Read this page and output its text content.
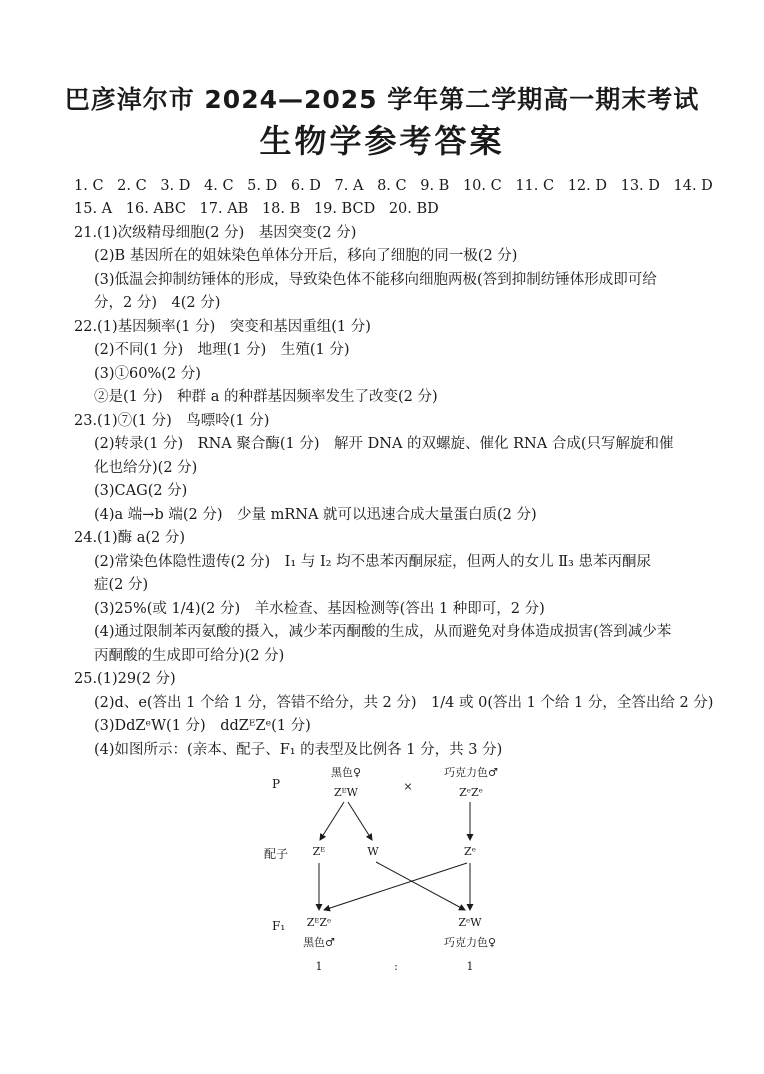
巴彦淖尔市 2024—2025 学年第二学期高一期末考试
生物学参考答案
1. C 2. C 3. D 4. C 5. D 6. D 7. A 8. C 9. B 10. C 11. C 12. D 13. D 14. D
15. A 16. ABC 17. AB 18. B 19. BCD 20. BD
21.(1)次级精母细胞(2 分)　基因突变(2 分)
(2)B 基因所在的姐妹染色单体分开后，移向了细胞的同一极(2 分)
(3)低温会抑制纺锤体的形成，导致染色体不能移向细胞两极(答到抑制纺锤体形成即可给
分，2 分)　4(2 分)
22.(1)基因频率(1 分)　突变和基因重组(1 分)
(2)不同(1 分)　地理(1 分)　生殖(1 分)
(3)①60%(2 分)
②是(1 分)　种群 a 的种群基因频率发生了改变(2 分)
23.(1)⑦(1 分)　鸟嘌呤(1 分)
(2)转录(1 分)　RNA 聚合酶(1 分)　解开 DNA 的双螺旋、催化 RNA 合成(只写解旋和催
化也给分)(2 分)
(3)CAG(2 分)
(4)a 端→b 端(2 分)　少量 mRNA 就可以迅速合成大量蛋白质(2 分)
24.(1)酶 a(2 分)
(2)常染色体隐性遗传(2 分)　Ⅰ₁ 与 Ⅰ₂ 均不患苯丙酮尿症，但两人的女儿 Ⅱ₃ 患苯丙酮尿
症(2 分)
(3)25%(或 1/4)(2 分)　羊水检查、基因检测等(答出 1 种即可，2 分)
(4)通过限制苯丙氨酸的摄入，减少苯丙酮酸的生成，从而避免对身体造成损害(答到减少苯
丙酮酸的生成即可给分)(2 分)
25.(1)29(2 分)
(2)d、e(答出 1 个给 1 分，答错不给分，共 2 分)　1/4 或 0(答出 1 个给 1 分，全答出给 2 分)
(3)DdZᵉW(1 分)　ddZᴱZᵉ(1 分)
(4)如图所示：(亲本、配子、F₁ 的表型及比例各 1 分，共 3 分)
P
配子
F₁
黑色♀
ZᴱW	×
巧克力色♂
ZᵉZᵉ
Zᴱ	W	Zᵉ
ZᴱZᵉ
黑色♂
ZᵉW
巧克力色♀
1	:	1
